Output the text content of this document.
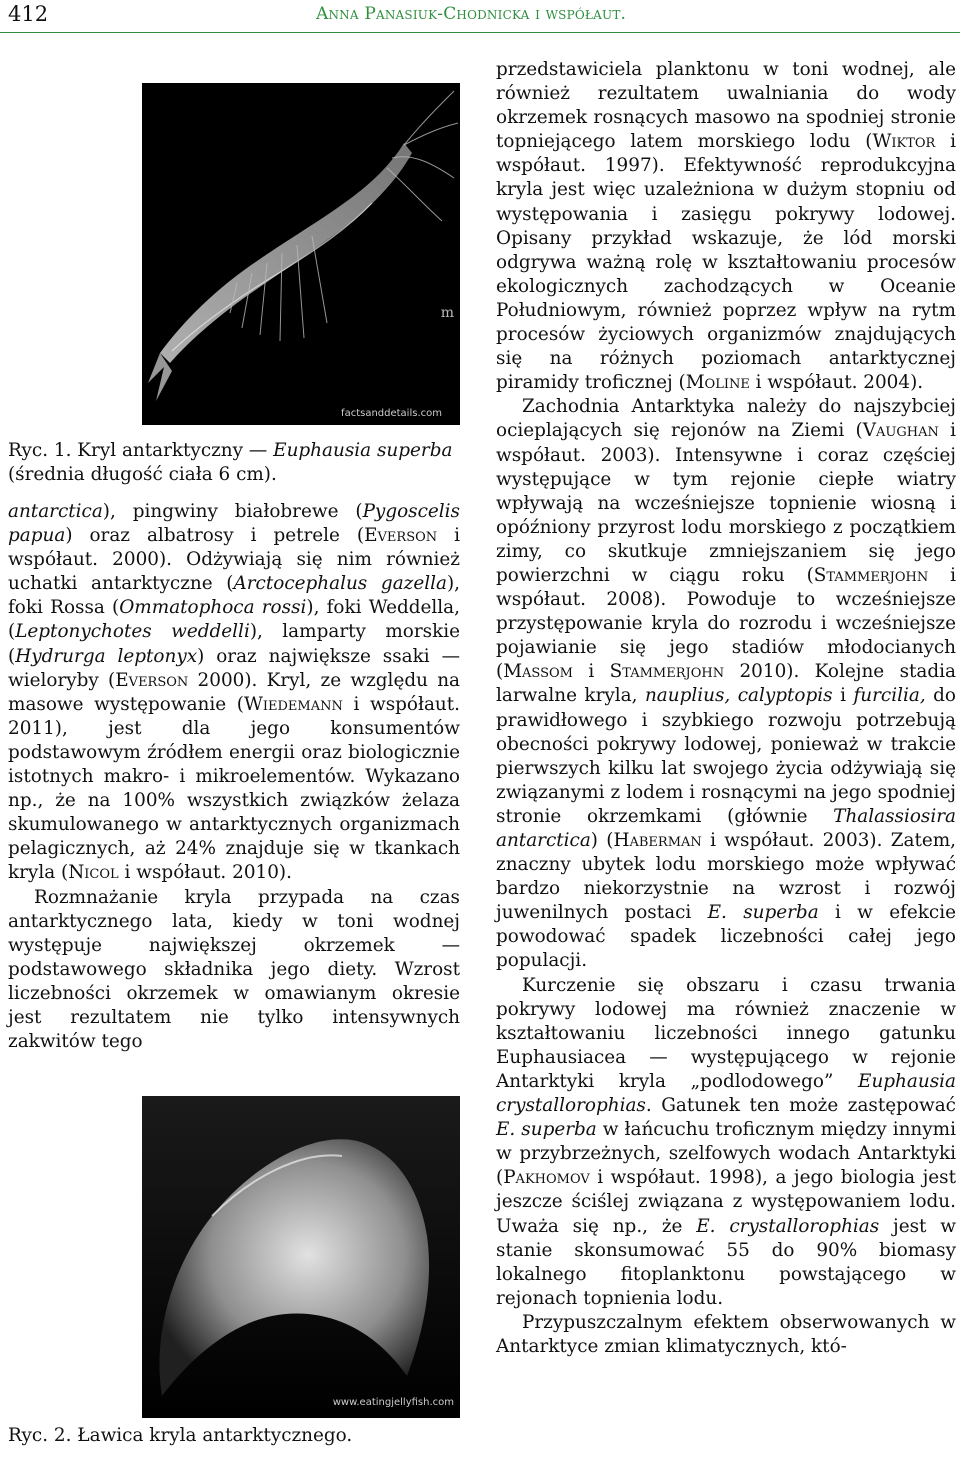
412	Anna Panasiuk-Chodnicka i współaut.
m
factsanddetails.com
Ryc. 1. Kryl antarktyczny — Euphausia superba
(średnia długość ciała 6 cm).

antarctica), pingwiny białobrewe (Pygoscelis papua) oraz albatrosy i petrele (Everson i współaut. 2000). Odżywiają się nim również uchatki antarktyczne (Arctocephalus gazella), foki Rossa (Ommatophoca rossi), foki Weddella, (Leptonychotes weddelli), lamparty morskie (Hydrurga leptonyx) oraz największe ssaki — wieloryby (Everson 2000). Kryl, ze względu na masowe występowanie (Wiedemann i współaut. 2011), jest dla jego konsumentów podstawowym źródłem energii oraz biologicznie istotnych makro- i mikroelementów. Wykazano np., że na 100% wszystkich związków żelaza skumulowanego w antarktycznych organizmach pelagicznych, aż 24% znajduje się w tkankach kryla (Nicol i współaut. 2010).

Rozmnażanie kryla przypada na czas antarktycznego lata, kiedy w toni wodnej występuje największej okrzemek — podstawowego składnika jego diety. Wzrost liczebności okrzemek w omawianym okresie jest rezultatem nie tylko intensywnych zakwitów tego

www.eatingjellyfish.com
Ryc. 2. Ławica kryla antarktycznego.

przedstawiciela planktonu w toni wodnej, ale również rezultatem uwalniania do wody okrzemek rosnących masowo na spodniej stronie topniejącego latem morskiego lodu (Wiktor i współaut. 1997). Efektywność reprodukcyjna kryla jest więc uzależniona w dużym stopniu od występowania i zasięgu pokrywy lodowej. Opisany przykład wskazuje, że lód morski odgrywa ważną rolę w kształtowaniu procesów ekologicznych zachodzących w Oceanie Południowym, również poprzez wpływ na rytm procesów życiowych organizmów znajdujących się na różnych poziomach antarktycznej piramidy troficznej (Moline i współaut. 2004).

Zachodnia Antarktyka należy do najszybciej ocieplających się rejonów na Ziemi (Vaughan i współaut. 2003). Intensywne i coraz częściej występujące w tym rejonie ciepłe wiatry wpływają na wcześniejsze topnienie wiosną i opóźniony przyrost lodu morskiego z początkiem zimy, co skutkuje zmniejszaniem się jego powierzchni w ciągu roku (Stammerjohn i współaut. 2008). Powoduje to wcześniejsze przystępowanie kryla do rozrodu i wcześniejsze pojawianie się jego stadiów młodocianych (Massom i Stammerjohn 2010). Kolejne stadia larwalne kryla, nauplius, calyptopis i furcilia, do prawidłowego i szybkiego rozwoju potrzebują obecności pokrywy lodowej, ponieważ w trakcie pierwszych kilku lat swojego życia odżywiają się związanymi z lodem i rosnącymi na jego spodniej stronie okrzemkami (głównie Thalassiosira antarctica) (Haberman i współaut. 2003). Zatem, znaczny ubytek lodu morskiego może wpływać bardzo niekorzystnie na wzrost i rozwój juwenilnych postaci E. superba i w efekcie powodować spadek liczebności całej jego populacji.

Kurczenie się obszaru i czasu trwania pokrywy lodowej ma również znaczenie w kształtowaniu liczebności innego gatunku Euphausiacea — występującego w rejonie Antarktyki kryla „podlodowego” Euphausia crystallorophias. Gatunek ten może zastępować E. superba w łańcuchu troficznym między innymi w przybrzeżnych, szelfowych wodach Antarktyki (Pakhomov i współaut. 1998), a jego biologia jest jeszcze ściślej związana z występowaniem lodu. Uważa się np., że E. crystallorophias jest w stanie skonsumować 55 do 90% biomasy lokalnego fitoplanktonu powstającego w rejonach topnienia lodu.

Przypuszczalnym efektem obserwowanych w Antarktyce zmian klimatycznych, któ-
